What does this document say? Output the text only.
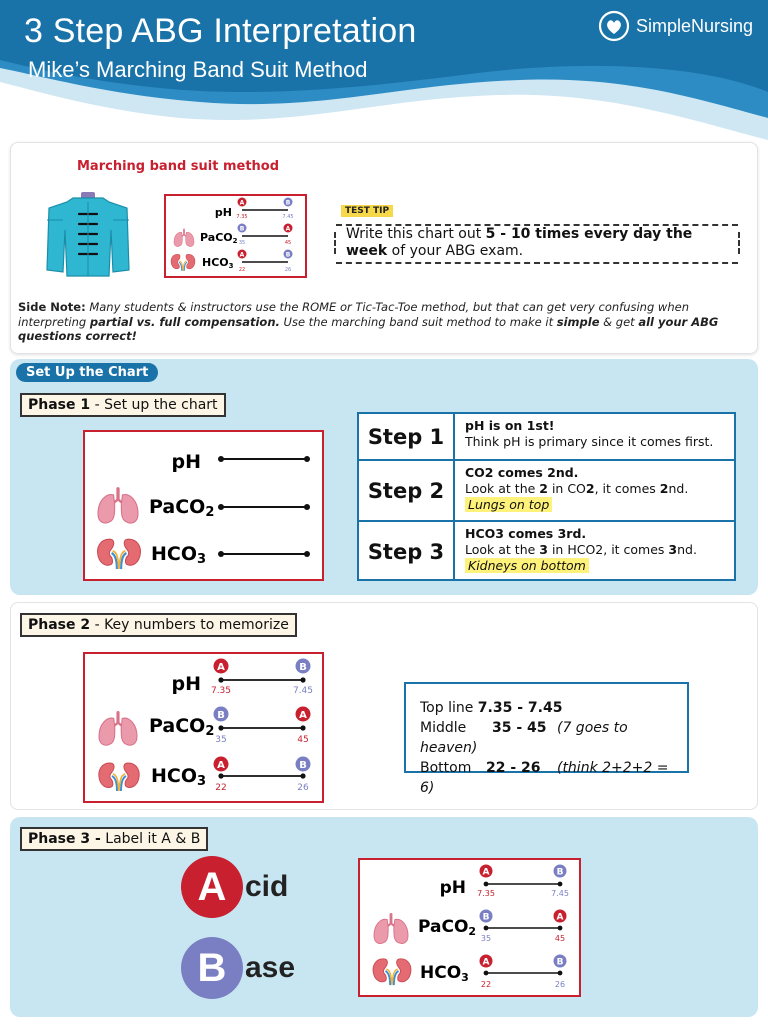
3 Step ABG Interpretation
Mike’s Marching Band Suit Method
SimpleNursing
Marching band suit method
pH
A	B
7.35	7.45
PaCO2
B	A
35	45
HCO3
A	B
22	26
TEST TIP
Write this chart out 5 - 10 times every day the week of your ABG exam.
Side Note: Many students & instructors use the ROME or Tic-Tac-Toe method, but that can get very confusing when interpreting partial vs. full compensation. Use the marching band suit method to make it simple & get all your ABG questions correct!
Set Up the Chart
Phase 1 - Set up the chart
pH
PaCO2
HCO3
Step 1	pH is on 1st!
Think pH is primary since it comes first.
Step 2
CO2 comes 2nd.
Look at the 2 in CO2, it comes 2nd.
Lungs on top
Step 3
HCO3 comes 3rd.
Look at the 3 in HCO2, it comes 3nd.
Kidneys on bottom
Phase 2 - Key numbers to memorize
pH
A	B
7.35	7.45
PaCO2
B	A
35	45
HCO3
A	B
22	26
Top line 7.35 - 7.45
Middle 35 - 45 (7 goes to heaven)
Bottom 22 - 26 (think 2+2+2 = 6)
Phase 3 - Label it A & B
A cid
B ase
pH
A	B
7.35	7.45
PaCO2
B	A
35	45
HCO3
A	B
22	26
